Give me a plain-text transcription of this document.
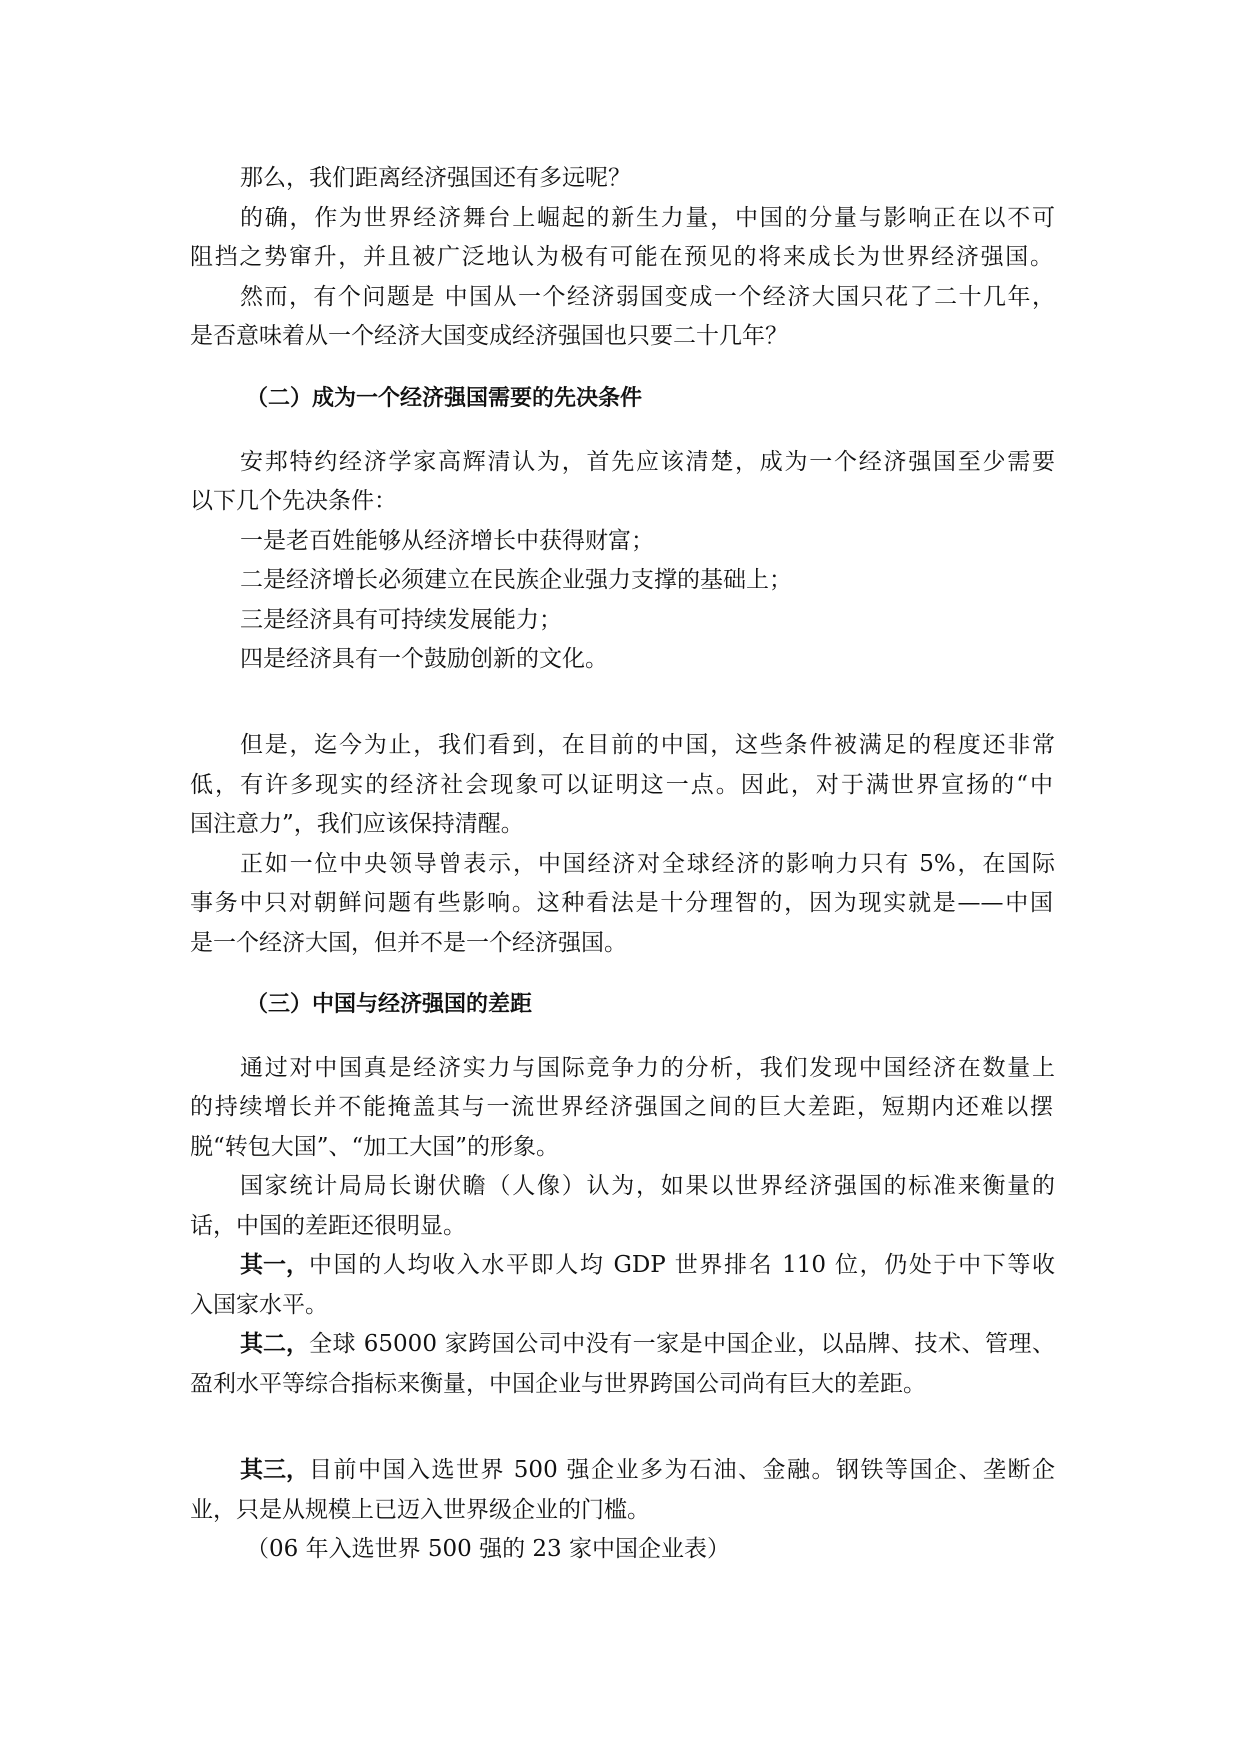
那么，我们距离经济强国还有多远呢？

的确，作为世界经济舞台上崛起的新生力量，中国的分量与影响正在以不可

阻挡之势窜升，并且被广泛地认为极有可能在预见的将来成长为世界经济强国。

然而，有个问题是 中国从一个经济弱国变成一个经济大国只花了二十几年，

是否意味着从一个经济大国变成经济强国也只要二十几年？

（二）成为一个经济强国需要的先决条件

安邦特约经济学家高辉清认为，首先应该清楚，成为一个经济强国至少需要

以下几个先决条件：

一是老百姓能够从经济增长中获得财富；

二是经济增长必须建立在民族企业强力支撑的基础上；

三是经济具有可持续发展能力；

四是经济具有一个鼓励创新的文化。

但是，迄今为止，我们看到，在目前的中国，这些条件被满足的程度还非常

低，有许多现实的经济社会现象可以证明这一点。因此，对于满世界宣扬的“中

国注意力”，我们应该保持清醒。

正如一位中央领导曾表示，中国经济对全球经济的影响力只有 5%，在国际

事务中只对朝鲜问题有些影响。这种看法是十分理智的，因为现实就是——中国

是一个经济大国，但并不是一个经济强国。

（三）中国与经济强国的差距

通过对中国真是经济实力与国际竞争力的分析，我们发现中国经济在数量上

的持续增长并不能掩盖其与一流世界经济强国之间的巨大差距，短期内还难以摆

脱“转包大国”、“加工大国”的形象。

国家统计局局长谢伏瞻（人像）认为，如果以世界经济强国的标准来衡量的

话，中国的差距还很明显。

其一， 中国的人均收入水平即人均 GDP 世界排名 110 位，仍处于中下等收

入国家水平。

其二， 全球 65000 家跨国公司中没有一家是中国企业，以品牌、技术、管理、

盈利水平等综合指标来衡量，中国企业与世界跨国公司尚有巨大的差距。

其三， 目前中国入选世界 500 强企业多为石油、金融。钢铁等国企、垄断企

业，只是从规模上已迈入世界级企业的门槛。

（06 年入选世界 500 强的 23 家中国企业表）
